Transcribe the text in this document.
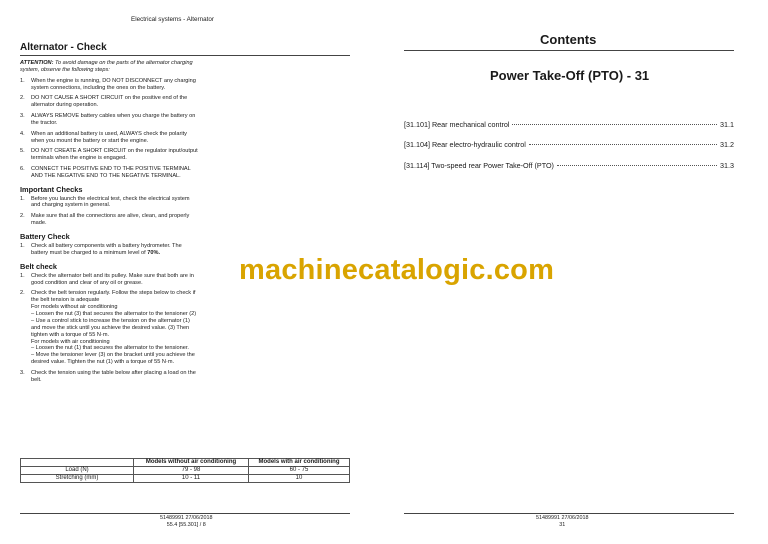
Electrical systems - Alternator
Alternator - Check

ATTENTION: To avoid damage on the parts of the alternator charging system, observe the following steps:

1. When the engine is running, DO NOT DISCONNECT any charging system connections, including the ones on the battery.
2. DO NOT CAUSE A SHORT CIRCUIT on the positive end of the alternator during operation.
3. ALWAYS REMOVE battery cables when you charge the battery on the tractor.
4. When an additional battery is used, ALWAYS check the polarity when you mount the battery or start the engine.
5. DO NOT CREATE A SHORT CIRCUIT on the regulator input/output terminals when the engine is engaged.
6. CONNECT THE POSITIVE END TO THE POSITIVE TERMINAL AND THE NEGATIVE END TO THE NEGATIVE TERMINAL.
Important Checks
1. Before you launch the electrical test, check the electrical system and charging system in general.
2. Make sure that all the connections are alive, clean, and properly made.
Battery Check
1. Check all battery components with a battery hydrometer. The battery must be charged to a minimum level of 70%.
Belt check
1. Check the alternator belt and its pulley. Make sure that both are in good condition and clear of any oil or grease.
2. Check the belt tension regularly. Follow the steps below to check if the belt tension is adequate
For models without air conditioning
– Loosen the nut (3) that secures the alternator to the tensioner (2)
– Use a control stick to increase the tension on the alternator (1) and move the stick until you achieve the desired value. (3) Then tighten with a torque of 55 N·m.
For models with air conditioning
– Loosen the nut (1) that secures the alternator to the tensioner.
– Move the tensioner lever (3) on the bracket until you achieve the desired value. Tighten the nut (1) with a torque of 55 N·m.
3. Check the tension using the table below after placing a load on the belt.
	Models without air conditioning	Models with air conditioning
Load (N)	79 - 98	60 - 75
Stretching (mm)	10 - 11	10
51489991 27/06/2018
55.4 [55.301] / 8
Contents
Power Take-Off (PTO) - 31
[31.101] Rear mechanical control	31.1
[31.104] Rear electro-hydraulic control	31.2
[31.114] Two-speed rear Power Take-Off (PTO)	31.3
51489991 27/06/2018
31
machinecatalogic.com
